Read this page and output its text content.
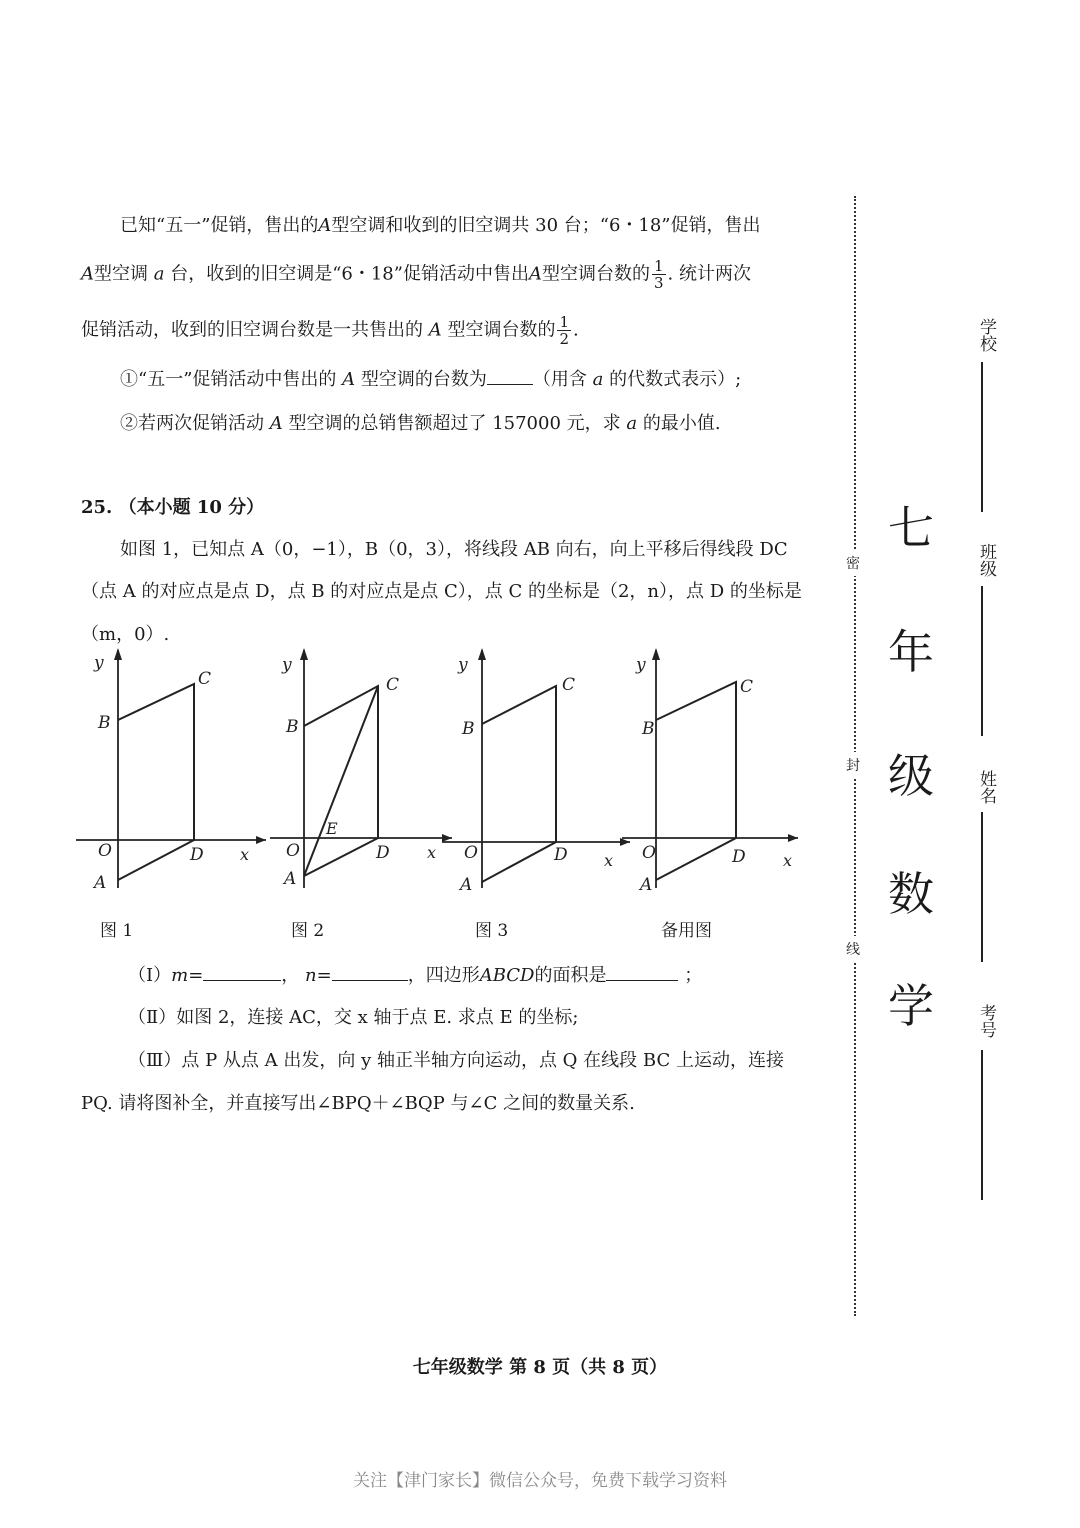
已知“五一”促销，售出的A型空调和收到的旧空调共 30 台；“6・18”促销，售出
A型空调 a 台，收到的旧空调是“6・18”促销活动中售出A型空调台数的 $\frac{1}{3}$ . 统计两次
促销活动，收到的旧空调台数是一共售出的 A 型空调台数的 $\frac{1}{2}$ .
①“五一”促销活动中售出的 A 型空调的台数为	（用含 a 的代数式表示）;
②若两次促销活动 A 型空调的总销售额超过了 157000 元，求 a 的最小值.
25. （本小题 10 分）
如图 1，已知点 A（0，−1），B（0，3），将线段 AB 向右，向上平移后得线段 DC
（点 A 的对应点是点 D，点 B 的对应点是点 C），点 C 的坐标是（2，n），点 D 的坐标是
（m，0）.
y
C
B
O	D x
A
y
C
B
E
O	D x
A
y
C
B
O	D x
A
y
C
B
O	D x
A
图 1	图 2	图 3	备用图
（Ⅰ）m=	， n=	，四边形ABCD的面积是	；
（Ⅱ）如图 2，连接 AC，交 x 轴于点 E. 求点 E 的坐标;
（Ⅲ）点 P 从点 A 出发，向 y 轴正半轴方向运动，点 Q 在线段 BC 上运动，连接
PQ. 请将图补全，并直接写出∠BPQ＋∠BQP 与∠C 之间的数量关系.
密
封
线
七
年
级
数
学
学校
班级
姓名
考号
七年级数学 第 8 页（共 8 页）
关注【津门家长】微信公众号，免费下载学习资料
